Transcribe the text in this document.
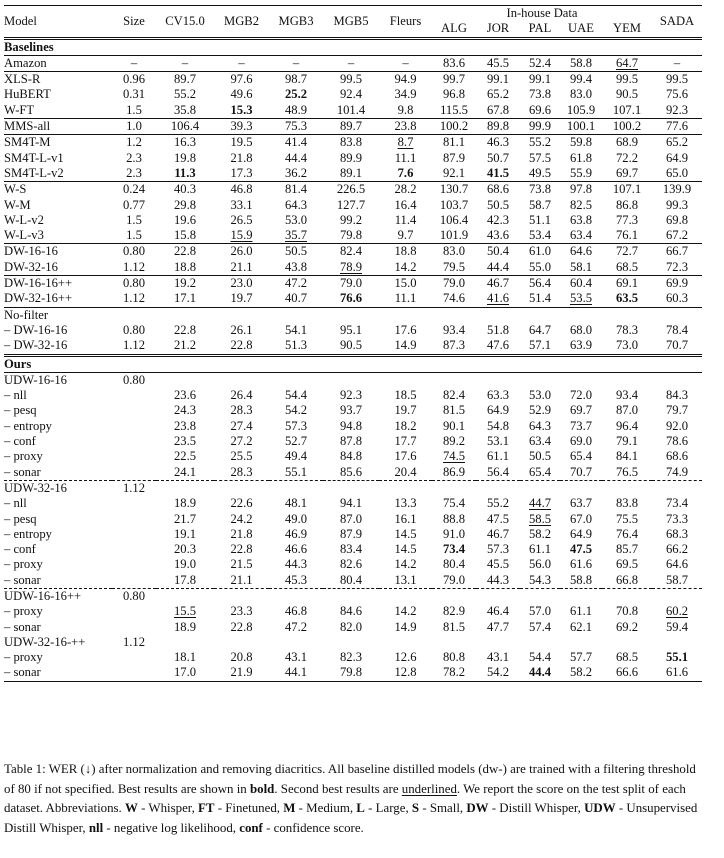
Model	Size	CV15.0	MGB2	MGB3	MGB5	Fleurs	In-house Data					SADA
							ALG	JOR	PAL	UAE	YEM	
Baselines												
Amazon	–	–	–	–	–	–	83.6	45.5	52.4	58.8	64.7	–
XLS-R	0.96	89.7	97.6	98.7	99.5	94.9	99.7	99.1	99.1	99.4	99.5	99.5
HuBERT	0.31	55.2	49.6	25.2	92.4	34.9	96.8	65.2	73.8	83.0	90.5	75.6
W-FT	1.5	35.8	15.3	48.9	101.4	9.8	115.5	67.8	69.6	105.9	107.1	92.3
MMS-all	1.0	106.4	39.3	75.3	89.7	23.8	100.2	89.8	99.9	100.1	100.2	77.6
SM4T-M	1.2	16.3	19.5	41.4	83.8	8.7	81.1	46.3	55.2	59.8	68.9	65.2
SM4T-L-v1	2.3	19.8	21.8	44.4	89.9	11.1	87.9	50.7	57.5	61.8	72.2	64.9
SM4T-L-v2	2.3	11.3	17.3	36.2	89.1	7.6	92.1	41.5	49.5	55.9	69.7	65.0
W-S	0.24	40.3	46.8	81.4	226.5	28.2	130.7	68.6	73.8	97.8	107.1	139.9
W-M	0.77	29.8	33.1	64.3	127.7	16.4	103.7	50.5	58.7	82.5	86.8	99.3
W-L-v2	1.5	19.6	26.5	53.0	99.2	11.4	106.4	42.3	51.1	63.8	77.3	69.8
W-L-v3	1.5	15.8	15.9	35.7	79.8	9.7	101.9	43.6	53.4	63.4	76.1	67.2
DW-16-16	0.80	22.8	26.0	50.5	82.4	18.8	83.0	50.4	61.0	64.6	72.7	66.7
DW-32-16	1.12	18.8	21.1	43.8	78.9	14.2	79.5	44.4	55.0	58.1	68.5	72.3
DW-16-16++	0.80	19.2	23.0	47.2	79.0	15.0	79.0	46.7	56.4	60.4	69.1	69.9
DW-32-16++	1.12	17.1	19.7	40.7	76.6	11.1	74.6	41.6	51.4	53.5	63.5	60.3
No-filter												
– DW-16-16	0.80	22.8	26.1	54.1	95.1	17.6	93.4	51.8	64.7	68.0	78.3	78.4
– DW-32-16	1.12	21.2	22.8	51.3	90.5	14.9	87.3	47.6	57.1	63.9	73.0	70.7
Ours												
UDW-16-16	0.80											
– nll		23.6	26.4	54.4	92.3	18.5	82.4	63.3	53.0	72.0	93.4	84.3
– pesq		24.3	28.3	54.2	93.7	19.7	81.5	64.9	52.9	69.7	87.0	79.7
– entropy		23.8	27.4	57.3	94.8	18.2	90.1	54.8	64.3	73.7	96.4	92.0
– conf		23.5	27.2	52.7	87.8	17.7	89.2	53.1	63.4	69.0	79.1	78.6
– proxy		22.5	25.5	49.4	84.8	17.6	74.5	61.1	50.5	65.4	84.1	68.6
– sonar		24.1	28.3	55.1	85.6	20.4	86.9	56.4	65.4	70.7	76.5	74.9
UDW-32-16	1.12											
– nll		18.9	22.6	48.1	94.1	13.3	75.4	55.2	44.7	63.7	83.8	73.4
– pesq		21.7	24.2	49.0	87.0	16.1	88.8	47.5	58.5	67.0	75.5	73.3
– entropy		19.1	21.8	46.9	87.9	14.5	91.0	46.7	58.2	64.9	76.4	68.3
– conf		20.3	22.8	46.6	83.4	14.5	73.4	57.3	61.1	47.5	85.7	66.2
– proxy		19.0	21.5	44.3	82.6	14.2	80.4	45.5	56.0	61.6	69.5	64.6
– sonar		17.8	21.1	45.3	80.4	13.1	79.0	44.3	54.3	58.8	66.8	58.7
UDW-16-16++	0.80											
– proxy		15.5	23.3	46.8	84.6	14.2	82.9	46.4	57.0	61.1	70.8	60.2
– sonar		18.9	22.8	47.2	82.0	14.9	81.5	47.7	57.4	62.1	69.2	59.4
UDW-32-16-++	1.12											
– proxy		18.1	20.8	43.1	82.3	12.6	80.8	43.1	54.4	57.7	68.5	55.1
– sonar		17.0	21.9	44.1	79.8	12.8	78.2	54.2	44.4	58.2	66.6	61.6
Table 1: WER (↓) after normalization and removing diacritics. All baseline distilled models (dw-) are trained with a filtering threshold of 80 if not specified. Best results are shown in bold. Second best results are underlined. We report the score on the test split of each dataset. Abbreviations. W - Whisper, FT - Finetuned, M - Medium, L - Large, S - Small, DW - Distill Whisper, UDW - Unsupervised Distill Whisper, nll - negative log likelihood, conf - confidence score.
